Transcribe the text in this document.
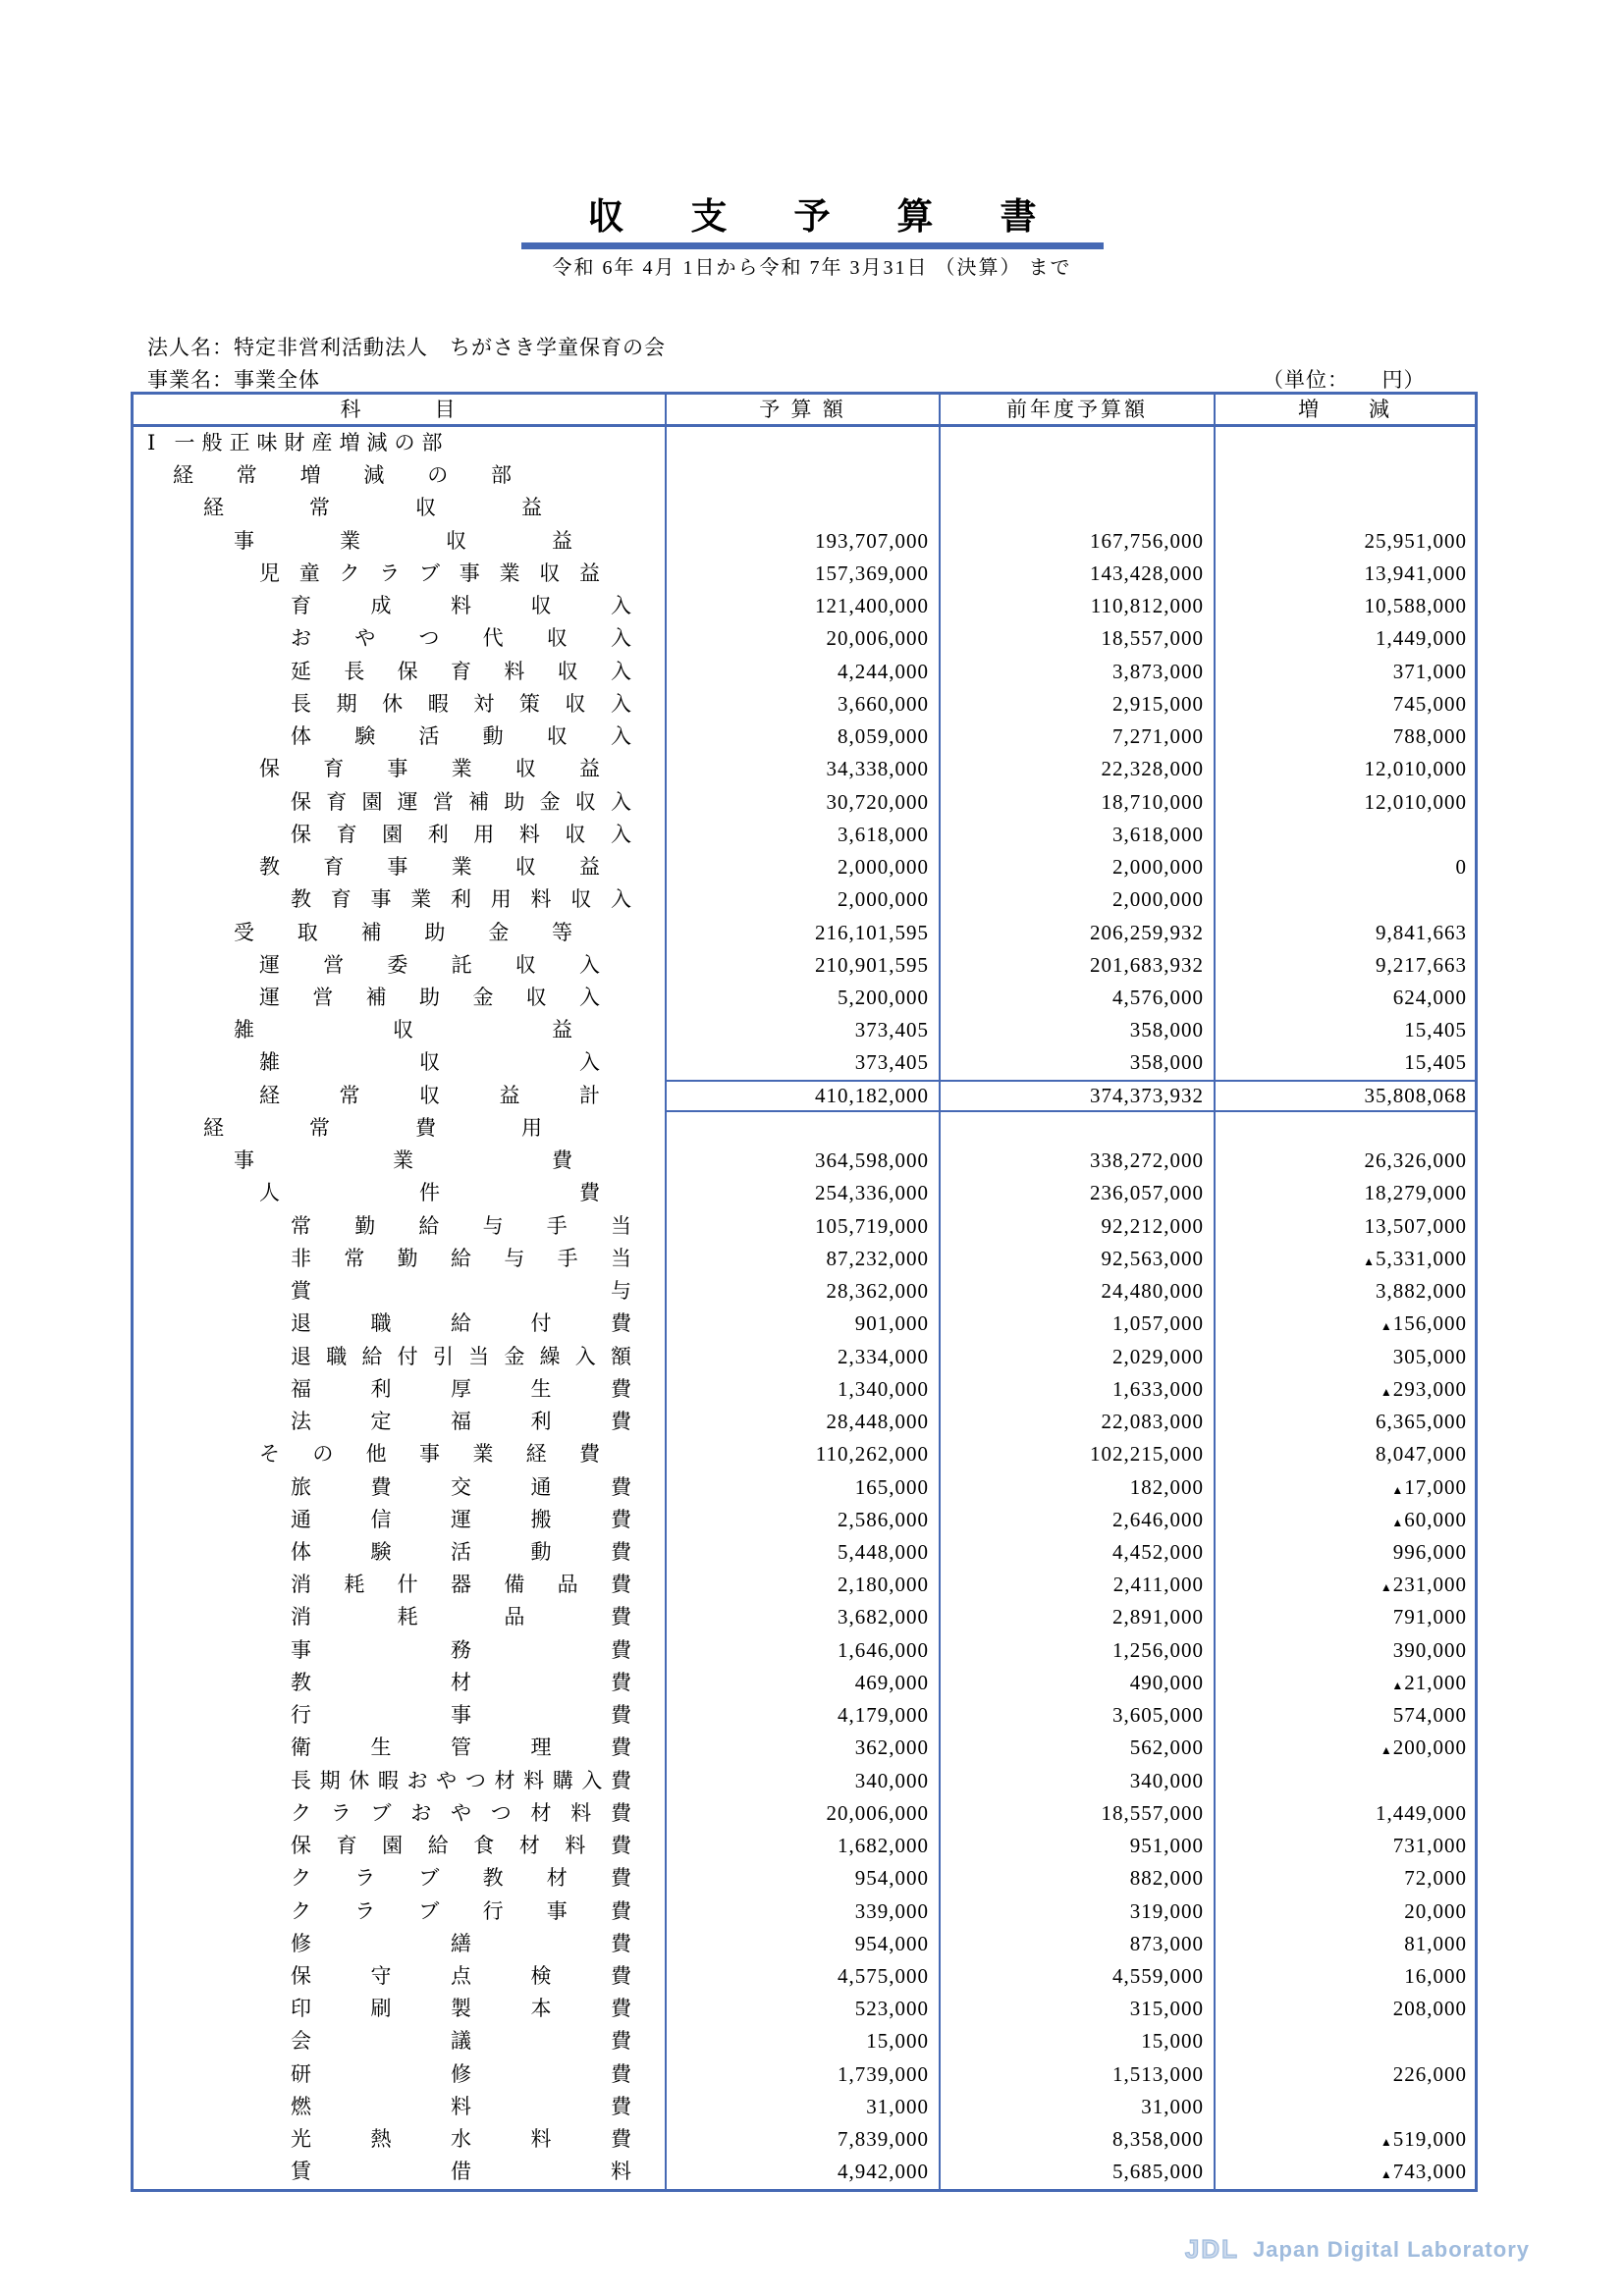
収支予算書
令和 6年 4月 1日から令和 7年 3月31日 （決算） まで
法人名：特定非営利活動法人　ちがさき学童保育の会
事業名：事業全体	（単位：　　円）
科　　　目	予 算 額	前年度予算額	増　　減
Ⅰ 一般正味財産増減の部
経常増減の部
経常収益
事業収益	193,707,000	167,756,000	25,951,000
児童クラブ事業収益	157,369,000	143,428,000	13,941,000
育成料収入	121,400,000	110,812,000	10,588,000
おやつ代収入	20,006,000	18,557,000	1,449,000
延長保育料収入	4,244,000	3,873,000	371,000
長期休暇対策収入	3,660,000	2,915,000	745,000
体験活動収入	8,059,000	7,271,000	788,000
保育事業収益	34,338,000	22,328,000	12,010,000
保育園運営補助金収入	30,720,000	18,710,000	12,010,000
保育園利用料収入	3,618,000	3,618,000
教育事業収益	2,000,000	2,000,000	0
教育事業利用料収入	2,000,000	2,000,000
受取補助金等	216,101,595	206,259,932	9,841,663
運営委託収入	210,901,595	201,683,932	9,217,663
運営補助金収入	5,200,000	4,576,000	624,000
雑収益	373,405	358,000	15,405
雑収入	373,405	358,000	15,405
経常収益計	410,182,000	374,373,932	35,808,068
経常費用
事業費	364,598,000	338,272,000	26,326,000
人件費	254,336,000	236,057,000	18,279,000
常勤給与手当	105,719,000	92,212,000	13,507,000
非常勤給与手当	87,232,000	92,563,000	▲5,331,000
賞与	28,362,000	24,480,000	3,882,000
退職給付費	901,000	1,057,000	▲156,000
退職給付引当金繰入額	2,334,000	2,029,000	305,000
福利厚生費	1,340,000	1,633,000	▲293,000
法定福利費	28,448,000	22,083,000	6,365,000
その他事業経費	110,262,000	102,215,000	8,047,000
旅費交通費	165,000	182,000	▲17,000
通信運搬費	2,586,000	2,646,000	▲60,000
体験活動費	5,448,000	4,452,000	996,000
消耗什器備品費	2,180,000	2,411,000	▲231,000
消耗品費	3,682,000	2,891,000	791,000
事務費	1,646,000	1,256,000	390,000
教材費	469,000	490,000	▲21,000
行事費	4,179,000	3,605,000	574,000
衛生管理費	362,000	562,000	▲200,000
長期休暇おやつ材料購入費	340,000	340,000
クラブおやつ材料費	20,006,000	18,557,000	1,449,000
保育園給食材料費	1,682,000	951,000	731,000
クラブ教材費	954,000	882,000	72,000
クラブ行事費	339,000	319,000	20,000
修繕費	954,000	873,000	81,000
保守点検費	4,575,000	4,559,000	16,000
印刷製本費	523,000	315,000	208,000
会議費	15,000	15,000
研修費	1,739,000	1,513,000	226,000
燃料費	31,000	31,000
光熱水料費	7,839,000	8,358,000	▲519,000
賃借料	4,942,000	5,685,000	▲743,000
JDL Japan Digital Laboratory
